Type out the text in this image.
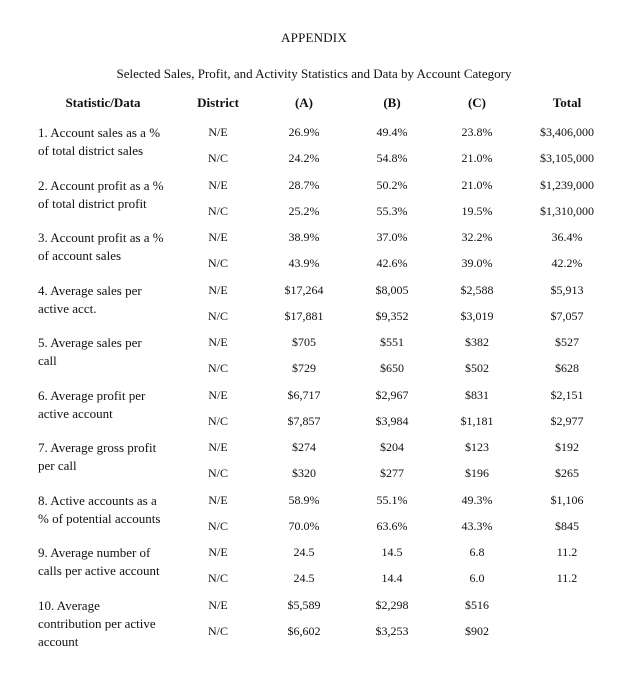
APPENDIX
Selected Sales, Profit, and Activity Statistics and Data by Account Category
Statistic/Data	District	(A)	(B)	(C)	Total
1. Account sales as a %
of total district sales
N/E	26.9%	49.4%	23.8%	$3,406,000
N/C	24.2%	54.8%	21.0%	$3,105,000
2. Account profit as a %
of total district profit
N/E	28.7%	50.2%	21.0%	$1,239,000
N/C	25.2%	55.3%	19.5%	$1,310,000
3. Account profit as a %
of account sales
N/E	38.9%	37.0%	32.2%	36.4%
N/C	43.9%	42.6%	39.0%	42.2%
4. Average sales per
active acct.
N/E	$17,264	$8,005	$2,588	$5,913
N/C	$17,881	$9,352	$3,019	$7,057
5. Average sales per
call
N/E	$705	$551	$382	$527
N/C	$729	$650	$502	$628
6. Average profit per
active account
N/E	$6,717	$2,967	$831	$2,151
N/C	$7,857	$3,984	$1,181	$2,977
7. Average gross profit
per call
N/E	$274	$204	$123	$192
N/C	$320	$277	$196	$265
8. Active accounts as a
% of potential accounts
N/E	58.9%	55.1%	49.3%	$1,106
N/C	70.0%	63.6%	43.3%	$845
9. Average number of
calls per active account
N/E	24.5	14.5	6.8	11.2
N/C	24.5	14.4	6.0	11.2
10. Average
contribution per active
account
N/E	$5,589	$2,298	$516
N/C	$6,602	$3,253	$902
